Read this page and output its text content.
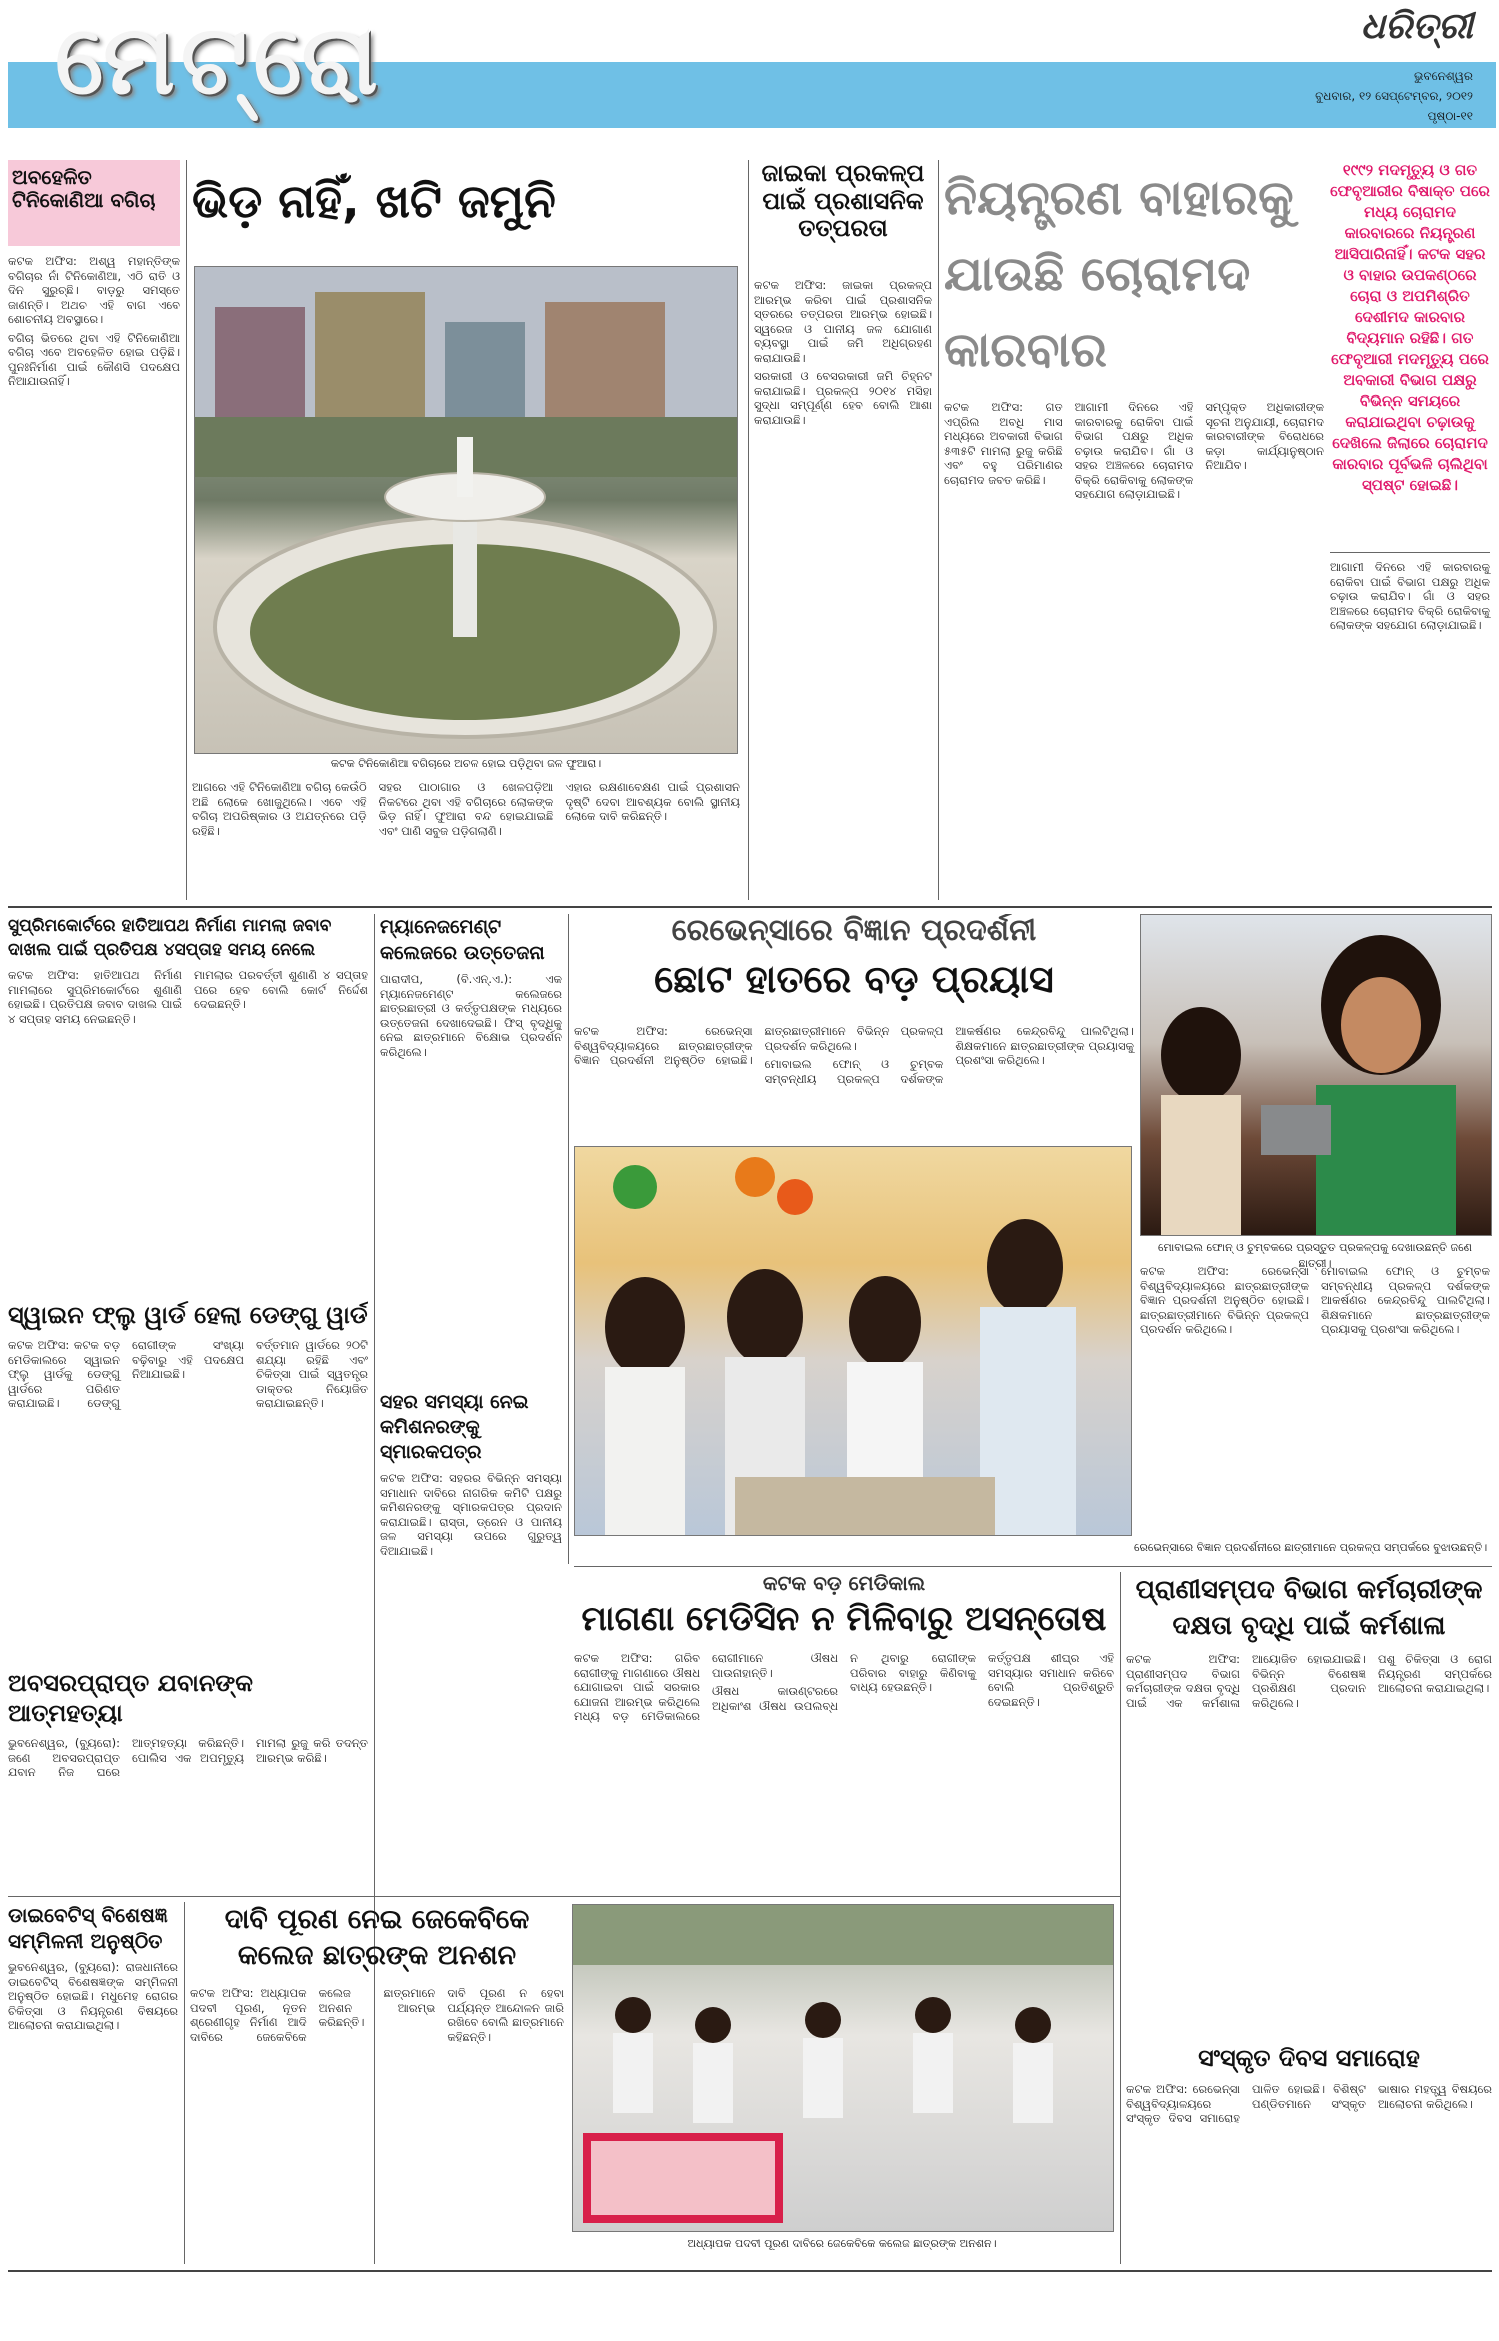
ମେଟ୍ରୋ	ଧରିତ୍ରୀ
ଭୁବନେଶ୍ୱର
ବୁଧବାର, ୧୨ ସେପ୍ଟେମ୍ବର, ୨୦୧୨
ପୃଷ୍ଠା-୧୧
ଅବହେଳିତ ଟିନିକୋଣିଆ ବଗିଚା

କଟକ ଅଫିସ: ଅଶ୍ୱ ମହାନ୍ତିଙ୍କ ବଗିଚାର ନାଁ ଟିନିକୋଣିଆ, ଏଠି ରାତି ଓ ଦିନ ସୁରୁଚ୍ଛି। ବାଡ଼ରୁ ସମସ୍ତେ ଜାଣନ୍ତି। ଅଥଚ ଏହି ବାଗ ଏବେ ଶୋଚନୀୟ ଅବସ୍ଥାରେ।

ବଗିଚା ଭିତରେ ଥିବା ଏହି ଟିନିକୋଣିଆ ବଗିଚା ଏବେ ଅବହେଳିତ ହୋଇ ପଡ଼ିଛି। ପୁନଃନିର୍ମାଣ ପାଇଁ କୌଣସି ପଦକ୍ଷେପ ନିଆଯାଉନାହିଁ।

ଭିଡ଼ ନାହିଁ, ଖଟି ଜମୁନି
କଟକ ଟିନିକୋଣିଆ ବଗିଚାରେ ଅଚଳ ହୋଇ ପଡ଼ିଥିବା ଜଳ ଫୁଆରା।

ଆଗରେ ଏହି ଟିନିକୋଣିଆ ବଗିଚା କେଉଁଠି ଅଛି ଲୋକେ ଖୋଜୁଥିଲେ। ଏବେ ଏହି ବଗିଚା ଅପରିଷ୍କାର ଓ ଅଯତ୍ନରେ ପଡ଼ି ରହିଛି।

ସହର ପାଠାଗାର ଓ ଖେଳପଡ଼ିଆ ନିକଟରେ ଥିବା ଏହି ବଗିଚାରେ ଲୋକଙ୍କ ଭିଡ଼ ନାହିଁ। ଫୁଆରା ବନ୍ଦ ହୋଇଯାଇଛି ଏବଂ ପାଣି ସବୁଜ ପଡ଼ିଗଲାଣି।

ଏହାର ରକ୍ଷଣାବେକ୍ଷଣ ପାଇଁ ପ୍ରଶାସନ ଦୃଷ୍ଟି ଦେବା ଆବଶ୍ୟକ ବୋଲି ସ୍ଥାନୀୟ ଲୋକେ ଦାବି କରିଛନ୍ତି।

ଜାଇକା ପ୍ରକଳ୍ପ ପାଇଁ ପ୍ରଶାସନିକ ତତ୍ପରତା

କଟକ ଅଫିସ: ଜାଇକା ପ୍ରକଳ୍ପ ଆରମ୍ଭ କରିବା ପାଇଁ ପ୍ରଶାସନିକ ସ୍ତରରେ ତତ୍ପରତା ଆରମ୍ଭ ହୋଇଛି। ସ୍ୱରେଜ ଓ ପାନୀୟ ଜଳ ଯୋଗାଣ ବ୍ୟବସ୍ଥା ପାଇଁ ଜମି ଅଧିଗ୍ରହଣ କରାଯାଉଛି।

ସରକାରୀ ଓ ବେସରକାରୀ ଜମି ଚିହ୍ନଟ କରାଯାଇଛି। ପ୍ରକଳ୍ପ ୨୦୧୪ ମସିହା ସୁଦ୍ଧା ସମ୍ପୂର୍ଣ୍ଣ ହେବ ବୋଲି ଆଶା କରାଯାଉଛି।

ନିୟନ୍ତ୍ରଣ ବାହାରକୁ ଯାଉଛି ଚୋରାମଦ କାରବାର
୧୯୯୨ ମଦମୃତ୍ୟୁ ଓ ଗତ ଫେବୃଆରୀର ବିଷାକ୍ତ ପରେ ମଧ୍ୟ ଚୋରାମଦ କାରବାରରେ ନିୟନ୍ତ୍ରଣ ଆସିପାରିନାହିଁ। କଟକ ସହର ଓ ବାହାର ଉପକଣ୍ଠରେ ଚୋରା ଓ ଅପମିଶ୍ରିତ ଦେଶୀମଦ କାରବାର ବିଦ୍ୟମାନ ରହିଛି। ଗତ ଫେବୃଆରୀ ମଦମୃତ୍ୟୁ ପରେ ଅବକାରୀ ବିଭାଗ ପକ୍ଷରୁ ବିଭିନ୍ନ ସମୟରେ କରାଯାଇଥିବା ଚଢ଼ାଉକୁ ଦେଖିଲେ ଜିଲାରେ ଚୋରାମଦ କାରବାର ପୂର୍ବଭଳି ଚାଲିଥିବା ସ୍ପଷ୍ଟ ହୋଇଛି।

କଟକ ଅଫିସ: ଗତ ଏପ୍ରିଲ ଅବଧି ମାସ ମଧ୍ୟରେ ଅବକାରୀ ବିଭାଗ ୫୩୫ଟି ମାମଲା ରୁଜୁ କରିଛି ଏବଂ ବହୁ ପରିମାଣର ଚୋରାମଦ ଜବତ କରିଛି।

ଆଗାମୀ ଦିନରେ ଏହି କାରବାରକୁ ରୋକିବା ପାଇଁ ବିଭାଗ ପକ୍ଷରୁ ଅଧିକ ଚଢ଼ାଉ କରାଯିବ। ଗାଁ ଓ ସହର ଅଞ୍ଚଳରେ ଚୋରାମଦ ବିକ୍ରି ରୋକିବାକୁ ଲୋକଙ୍କ ସହଯୋଗ ଲୋଡ଼ାଯାଇଛି।

ସମ୍ପୃକ୍ତ ଅଧିକାରୀଙ୍କ ସୂଚନା ଅନୁଯାୟୀ, ଚୋରାମଦ କାରବାରୀଙ୍କ ବିରୋଧରେ କଡ଼ା କାର୍ଯ୍ୟାନୁଷ୍ଠାନ ନିଆଯିବ।

ଆଗାମୀ ଦିନରେ ଏହି କାରବାରକୁ ରୋକିବା ପାଇଁ ବିଭାଗ ପକ୍ଷରୁ ଅଧିକ ଚଢ଼ାଉ କରାଯିବ। ଗାଁ ଓ ସହର ଅଞ୍ଚଳରେ ଚୋରାମଦ ବିକ୍ରି ରୋକିବାକୁ ଲୋକଙ୍କ ସହଯୋଗ ଲୋଡ଼ାଯାଇଛି।

ସୁପ୍ରିମକୋର୍ଟରେ ହାତିଆପଥ ନିର୍ମାଣ ମାମଲା ଜବାବ ଦାଖଲ ପାଇଁ ପ୍ରତିପକ୍ଷ ୪ସପ୍ତାହ ସମୟ ନେଲେ

କଟକ ଅଫିସ: ହାତିଆପଥ ନିର୍ମାଣ ମାମଲାରେ ସୁପ୍ରିମକୋର୍ଟରେ ଶୁଣାଣି ହୋଇଛି। ପ୍ରତିପକ୍ଷ ଜବାବ ଦାଖଲ ପାଇଁ ୪ ସପ୍ତାହ ସମୟ ନେଇଛନ୍ତି।

ମାମଲାର ପରବର୍ତ୍ତୀ ଶୁଣାଣି ୪ ସପ୍ତାହ ପରେ ହେବ ବୋଲି କୋର୍ଟ ନିର୍ଦ୍ଦେଶ ଦେଇଛନ୍ତି।

ମ୍ୟାନେଜମେଣ୍ଟ କଲେଜରେ ଉତ୍ତେଜନା

ପାରାଦୀପ, (ବି.ଏନ୍.ଏ.): ଏକ ମ୍ୟାନେଜମେଣ୍ଟ କଲେଜରେ ଛାତ୍ରଛାତ୍ରୀ ଓ କର୍ତ୍ତୃପକ୍ଷଙ୍କ ମଧ୍ୟରେ ଉତ୍ତେଜନା ଦେଖାଦେଇଛି। ଫିସ୍ ବୃଦ୍ଧିକୁ ନେଇ ଛାତ୍ରମାନେ ବିକ୍ଷୋଭ ପ୍ରଦର୍ଶନ କରିଥିଲେ।

ରେଭେନ୍ସାରେ ବିଜ୍ଞାନ ପ୍ରଦର୍ଶନୀ
ଛୋଟ ହାତରେ ବଡ଼ ପ୍ରୟାସ

କଟକ ଅଫିସ: ରେଭେନ୍ସା ବିଶ୍ୱବିଦ୍ୟାଳୟରେ ଛାତ୍ରଛାତ୍ରୀଙ୍କ ବିଜ୍ଞାନ ପ୍ରଦର୍ଶନୀ ଅନୁଷ୍ଠିତ ହୋଇଛି। ଛାତ୍ରଛାତ୍ରୀମାନେ ବିଭିନ୍ନ ପ୍ରକଳ୍ପ ପ୍ରଦର୍ଶନ କରିଥିଲେ।

ମୋବାଇଲ ଫୋନ୍ ଓ ଚୁମ୍ବକ ସମ୍ବନ୍ଧୀୟ ପ୍ରକଳ୍ପ ଦର୍ଶକଙ୍କ ଆକର୍ଷଣର କେନ୍ଦ୍ରବିନ୍ଦୁ ପାଲଟିଥିଲା। ଶିକ୍ଷକମାନେ ଛାତ୍ରଛାତ୍ରୀଙ୍କ ପ୍ରୟାସକୁ ପ୍ରଶଂସା କରିଥିଲେ।

ମୋବାଇଲ ଫୋନ୍ ଓ ଚୁମ୍ବକରେ ପ୍ରସ୍ତୁତ ପ୍ରକଳ୍ପକୁ ଦେଖାଉଛନ୍ତି ଜଣେ ଛାତ୍ରୀ।

କଟକ ଅଫିସ: ରେଭେନ୍ସା ବିଶ୍ୱବିଦ୍ୟାଳୟରେ ଛାତ୍ରଛାତ୍ରୀଙ୍କ ବିଜ୍ଞାନ ପ୍ରଦର୍ଶନୀ ଅନୁଷ୍ଠିତ ହୋଇଛି। ଛାତ୍ରଛାତ୍ରୀମାନେ ବିଭିନ୍ନ ପ୍ରକଳ୍ପ ପ୍ରଦର୍ଶନ କରିଥିଲେ।

ମୋବାଇଲ ଫୋନ୍ ଓ ଚୁମ୍ବକ ସମ୍ବନ୍ଧୀୟ ପ୍ରକଳ୍ପ ଦର୍ଶକଙ୍କ ଆକର୍ଷଣର କେନ୍ଦ୍ରବିନ୍ଦୁ ପାଲଟିଥିଲା। ଶିକ୍ଷକମାନେ ଛାତ୍ରଛାତ୍ରୀଙ୍କ ପ୍ରୟାସକୁ ପ୍ରଶଂସା କରିଥିଲେ।

ରେଭେନ୍ସାରେ ବିଜ୍ଞାନ ପ୍ରଦର୍ଶନୀରେ ଛାତ୍ରୀମାନେ ପ୍ରକଳ୍ପ ସମ୍ପର୍କରେ ବୁଝାଉଛନ୍ତି।
ସ୍ୱାଇନ ଫ୍ଲୁ ୱାର୍ଡ ହେଲା ଡେଙ୍ଗୁ ୱାର୍ଡ

କଟକ ଅଫିସ: କଟକ ବଡ଼ ମେଡିକାଲରେ ସ୍ୱାଇନ ଫ୍ଲୁ ୱାର୍ଡକୁ ଡେଙ୍ଗୁ ୱାର୍ଡରେ ପରିଣତ କରାଯାଇଛି। ଡେଙ୍ଗୁ ରୋଗୀଙ୍କ ସଂଖ୍ୟା ବଢ଼ିବାରୁ ଏହି ପଦକ୍ଷେପ ନିଆଯାଇଛି।

ବର୍ତ୍ତମାନ ୱାର୍ଡରେ ୨୦ଟି ଶଯ୍ୟା ରହିଛି ଏବଂ ଚିକିତ୍ସା ପାଇଁ ସ୍ୱତନ୍ତ୍ର ଡାକ୍ତର ନିୟୋଜିତ କରାଯାଇଛନ୍ତି।	ସହର ସମସ୍ୟା ନେଇ କମିଶନରଙ୍କୁ ସ୍ମାରକପତ୍ର

କଟକ ଅଫିସ: ସହରର ବିଭିନ୍ନ ସମସ୍ୟା ସମାଧାନ ଦାବିରେ ନାଗରିକ କମିଟି ପକ୍ଷରୁ କମିଶନରଙ୍କୁ ସ୍ମାରକପତ୍ର ପ୍ରଦାନ କରାଯାଇଛି। ରାସ୍ତା, ଡ୍ରେନ ଓ ପାନୀୟ ଜଳ ସମସ୍ୟା ଉପରେ ଗୁରୁତ୍ୱ ଦିଆଯାଇଛି।

ଅବସରପ୍ରାପ୍ତ ଯବାନଙ୍କ ଆତ୍ମହତ୍ୟା

ଭୁବନେଶ୍ୱର, (ବ୍ୟୁରୋ): ଜଣେ ଅବସରପ୍ରାପ୍ତ ଯବାନ ନିଜ ଘରେ ଆତ୍ମହତ୍ୟା କରିଛନ୍ତି। ପୋଲିସ ଏକ ଅପମୃତ୍ୟୁ ମାମଲା ରୁଜୁ କରି ତଦନ୍ତ ଆରମ୍ଭ କରିଛି।

କଟକ ବଡ଼ ମେଡିକାଲ
ମାଗଣା ମେଡିସିନ ନ ମିଳିବାରୁ ଅସନ୍ତୋଷ

କଟକ ଅଫିସ: ଗରିବ ରୋଗୀଙ୍କୁ ମାଗଣାରେ ଔଷଧ ଯୋଗାଇବା ପାଇଁ ସରକାର ଯୋଜନା ଆରମ୍ଭ କରିଥିଲେ ମଧ୍ୟ ବଡ଼ ମେଡିକାଲରେ ରୋଗୀମାନେ ଔଷଧ ପାଉନାହାନ୍ତି।

ଔଷଧ କାଉଣ୍ଟରରେ ଅଧିକାଂଶ ଔଷଧ ଉପଲବ୍ଧ ନ ଥିବାରୁ ରୋଗୀଙ୍କ ପରିବାର ବାହାରୁ କିଣିବାକୁ ବାଧ୍ୟ ହେଉଛନ୍ତି।

କର୍ତ୍ତୃପକ୍ଷ ଶୀଘ୍ର ଏହି ସମସ୍ୟାର ସମାଧାନ କରିବେ ବୋଲି ପ୍ରତିଶ୍ରୁତି ଦେଇଛନ୍ତି।

ପ୍ରାଣୀସମ୍ପଦ ବିଭାଗ କର୍ମଚାରୀଙ୍କ ଦକ୍ଷତା ବୃଦ୍ଧି ପାଇଁ କର୍ମଶାଳା

କଟକ ଅଫିସ: ପ୍ରାଣୀସମ୍ପଦ ବିଭାଗ କର୍ମଚାରୀଙ୍କ ଦକ୍ଷତା ବୃଦ୍ଧି ପାଇଁ ଏକ କର୍ମଶାଳା ଆୟୋଜିତ ହୋଇଯାଇଛି। ବିଭିନ୍ନ ବିଶେଷଜ୍ଞ ପ୍ରଶିକ୍ଷଣ ପ୍ରଦାନ କରିଥିଲେ।

ପଶୁ ଚିକିତ୍ସା ଓ ରୋଗ ନିୟନ୍ତ୍ରଣ ସମ୍ପର୍କରେ ଆଲୋଚନା କରାଯାଇଥିଲା।

ଡାଇବେଟିସ୍ ବିଶେଷଜ୍ଞ ସମ୍ମିଳନୀ ଅନୁଷ୍ଠିତ

ଭୁବନେଶ୍ୱର, (ବ୍ୟୁରୋ): ରାଜଧାନୀରେ ଡାଇବେଟିସ୍ ବିଶେଷଜ୍ଞଙ୍କ ସମ୍ମିଳନୀ ଅନୁଷ୍ଠିତ ହୋଇଛି। ମଧୁମେହ ରୋଗର ଚିକିତ୍ସା ଓ ନିୟନ୍ତ୍ରଣ ବିଷୟରେ ଆଲୋଚନା କରାଯାଇଥିଲା।

ଦାବି ପୂରଣ ନେଇ ଜେକେବିକେ କଲେଜ ଛାତ୍ରଙ୍କ ଅନଶନ

କଟକ ଅଫିସ: ଅଧ୍ୟାପକ ପଦବୀ ପୂରଣ, ନୂତନ ଶ୍ରେଣୀଗୃହ ନିର୍ମାଣ ଆଦି ଦାବିରେ ଜେକେବିକେ କଲେଜ ଛାତ୍ରମାନେ ଅନଶନ ଆରମ୍ଭ କରିଛନ୍ତି।

ଦାବି ପୂରଣ ନ ହେବା ପର୍ଯ୍ୟନ୍ତ ଆନ୍ଦୋଳନ ଜାରି ରଖିବେ ବୋଲି ଛାତ୍ରମାନେ କହିଛନ୍ତି।

ଅଧ୍ୟାପକ ପଦବୀ ପୂରଣ ଦାବିରେ ଜେକେବିକେ କଲେଜ ଛାତ୍ରଙ୍କ ଅନଶନ।
ସଂସ୍କୃତ ଦିବସ ସମାରୋହ

କଟକ ଅଫିସ: ରେଭେନ୍ସା ବିଶ୍ୱବିଦ୍ୟାଳୟରେ ସଂସ୍କୃତ ଦିବସ ସମାରୋହ ପାଳିତ ହୋଇଛି। ବିଶିଷ୍ଟ ପଣ୍ଡିତମାନେ ସଂସ୍କୃତ ଭାଷାର ମହତ୍ତ୍ୱ ବିଷୟରେ ଆଲୋଚନା କରିଥିଲେ।
